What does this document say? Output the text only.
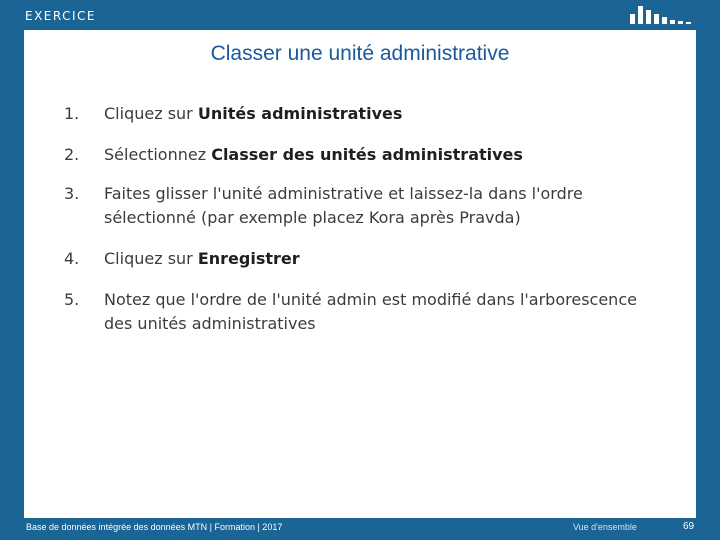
EXERCICE
Classer une unité administrative
1. Cliquez sur Unités administratives
2. Sélectionnez Classer des unités administratives
3. Faites glisser l'unité administrative et laissez-la dans l'ordre sélectionné (par exemple placez Kora après Pravda)
4. Cliquez sur Enregistrer
5. Notez que l'ordre de l'unité admin est modifié dans l'arborescence des unités administratives
Base de données intégrée des données MTN | Formation | 2017	Vue d'ensemble	69
